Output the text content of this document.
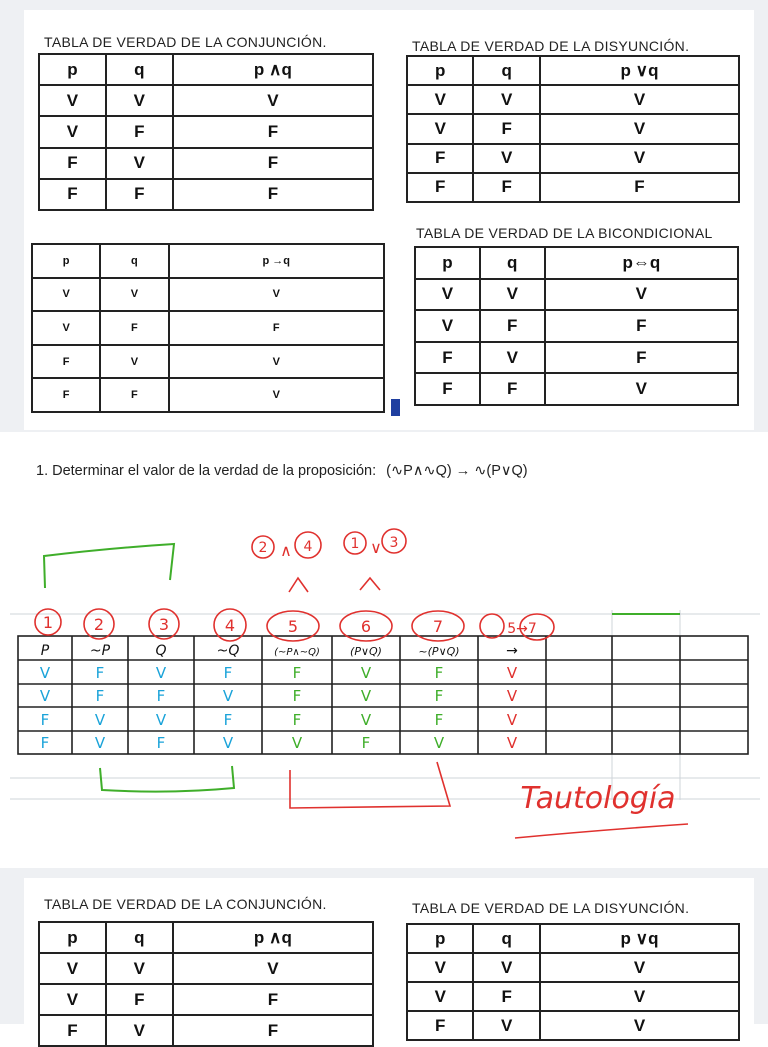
TABLA DE VERDAD DE LA CONJUNCIÓN.	TABLA DE VERDAD DE LA DISYUNCIÓN.
TABLA DE VERDAD DE LA BICONDICIONAL
p	q	p ∧q
V	V	V
V	F	F
F	V	F
F	F	F
p	q	p ∨q
V	V	V
V	F	V
F	V	V
F	F	F
p	q	p →q
V	V	V
V	F	F
F	V	V
F	F	V
p	q	p⇔q
V	V	V
V	F	F
F	V	F
F	F	V
1. Determinar el valor de la verdad de la proposición: (∿P∧∿Q) → ∿(P∨Q)
1	2	3	4	5	6	7	5→7
2	4	1 3
∧	∨
Tautología
P	~P	Q	~Q	(~P∧~Q)	(P∨Q)	~(P∨Q)	→
V	F	V	F	F	V	F	V
V	F	F	V	F	V	F	V
F	V	V	F	F	V	F	V
F	V	F	V	V	F	V	V
TABLA DE VERDAD DE LA CONJUNCIÓN.	TABLA DE VERDAD DE LA DISYUNCIÓN.
p	q	p ∧q
V	V	V
V	F	F
F	V	F
p	q	p ∨q
V	V	V
V	F	V
F	V	V
